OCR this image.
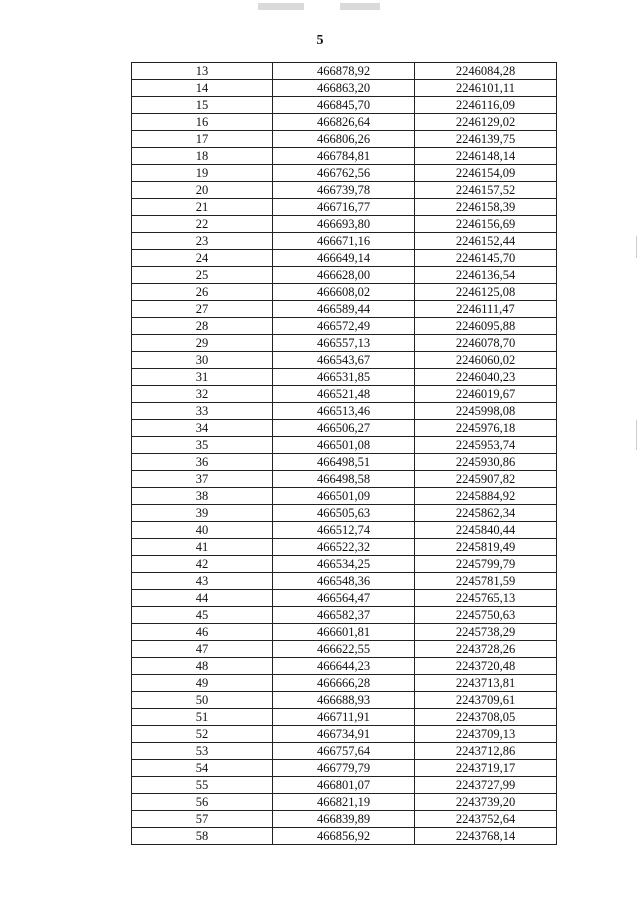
5
13	466878,92	2246084,28
14	466863,20	2246101,11
15	466845,70	2246116,09
16	466826,64	2246129,02
17	466806,26	2246139,75
18	466784,81	2246148,14
19	466762,56	2246154,09
20	466739,78	2246157,52
21	466716,77	2246158,39
22	466693,80	2246156,69
23	466671,16	2246152,44
24	466649,14	2246145,70
25	466628,00	2246136,54
26	466608,02	2246125,08
27	466589,44	2246111,47
28	466572,49	2246095,88
29	466557,13	2246078,70
30	466543,67	2246060,02
31	466531,85	2246040,23
32	466521,48	2246019,67
33	466513,46	2245998,08
34	466506,27	2245976,18
35	466501,08	2245953,74
36	466498,51	2245930,86
37	466498,58	2245907,82
38	466501,09	2245884,92
39	466505,63	2245862,34
40	466512,74	2245840,44
41	466522,32	2245819,49
42	466534,25	2245799,79
43	466548,36	2245781,59
44	466564,47	2245765,13
45	466582,37	2245750,63
46	466601,81	2245738,29
47	466622,55	2243728,26
48	466644,23	2243720,48
49	466666,28	2243713,81
50	466688,93	2243709,61
51	466711,91	2243708,05
52	466734,91	2243709,13
53	466757,64	2243712,86
54	466779,79	2243719,17
55	466801,07	2243727,99
56	466821,19	2243739,20
57	466839,89	2243752,64
58	466856,92	2243768,14
